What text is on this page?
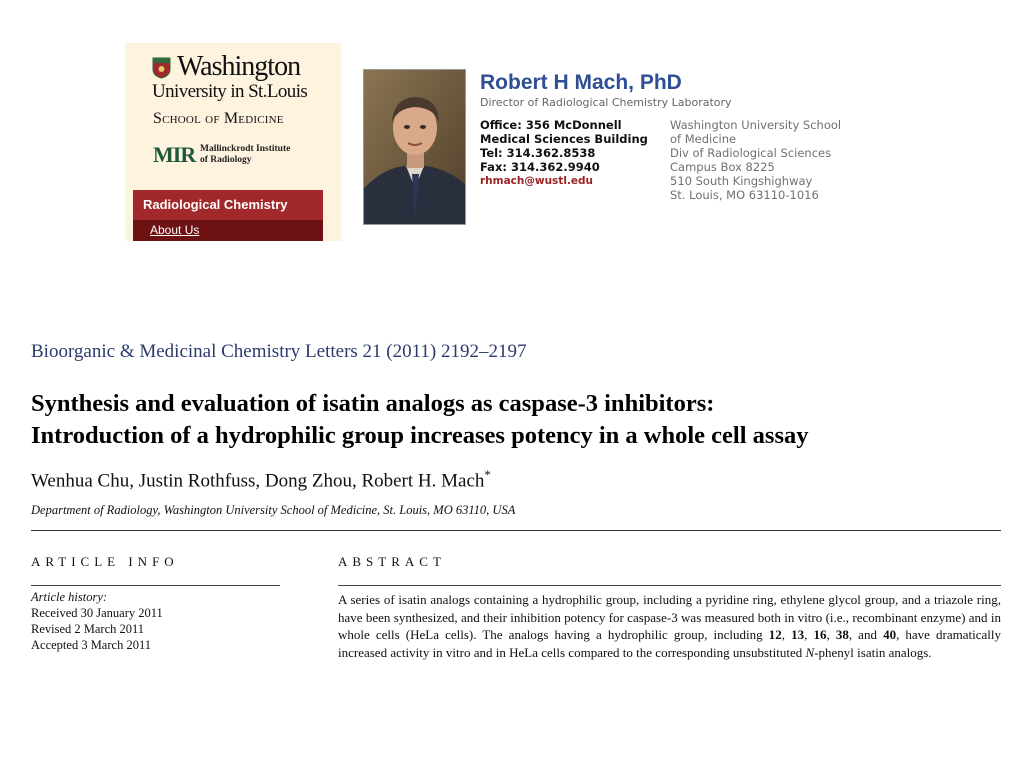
Washington
University in St.Louis
School of Medicine
MIR Mallinckrodt Institute
of Radiology
Radiological Chemistry
About Us
Robert H Mach, PhD
Director of Radiological Chemistry Laboratory
Office: 356 McDonnell
Medical Sciences Building
Tel: 314.362.8538
Fax: 314.362.9940
rhmach@wustl.edu
Washington University School
of Medicine
Div of Radiological Sciences
Campus Box 8225
510 South Kingshighway
St. Louis, MO 63110-1016
Bioorganic & Medicinal Chemistry Letters 21 (2011) 2192–2197
Synthesis and evaluation of isatin analogs as caspase-3 inhibitors:
Introduction of a hydrophilic group increases potency in a whole cell assay
Wenhua Chu, Justin Rothfuss, Dong Zhou, Robert H. Mach*
Department of Radiology, Washington University School of Medicine, St. Louis, MO 63110, USA
ARTICLE INFO
Article history:
Received 30 January 2011
Revised 2 March 2011
Accepted 3 March 2011
ABSTRACT
A series of isatin analogs containing a hydrophilic group, including a pyridine ring, ethylene glycol group, and a triazole ring, have been synthesized, and their inhibition potency for caspase-3 was measured both in vitro (i.e., recombinant enzyme) and in whole cells (HeLa cells). The analogs having a hydrophilic group, including 12, 13, 16, 38, and 40, have dramatically increased activity in vitro and in HeLa cells compared to the corresponding unsubstituted N-phenyl isatin analogs.
